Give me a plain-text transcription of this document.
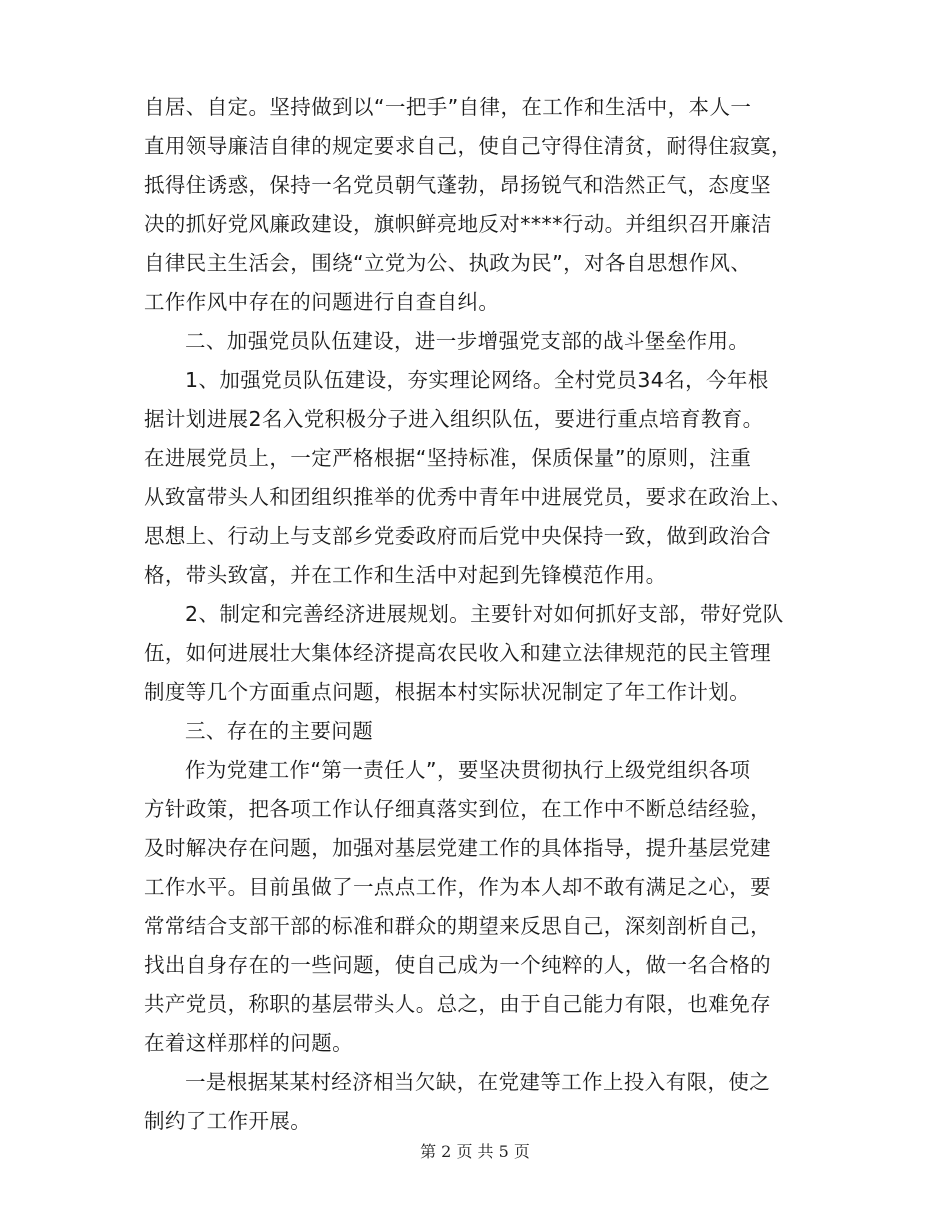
自居、自定。坚持做到以“一把手”自律，在工作和生活中，本人一
直用领导廉洁自律的规定要求自己，使自己守得住清贫，耐得住寂寞，
抵得住诱惑，保持一名党员朝气蓬勃，昂扬锐气和浩然正气，态度坚
决的抓好党风廉政建设，旗帜鲜亮地反对****行动。并组织召开廉洁
自律民主生活会，围绕“立党为公、执政为民”，对各自思想作风、
工作作风中存在的问题进行自查自纠。
二、加强党员队伍建设，进一步增强党支部的战斗堡垒作用。
1、加强党员队伍建设，夯实理论网络。全村党员34名，今年根
据计划进展2名入党积极分子进入组织队伍，要进行重点培育教育。
在进展党员上，一定严格根据“坚持标准，保质保量”的原则，注重
从致富带头人和团组织推举的优秀中青年中进展党员，要求在政治上、
思想上、行动上与支部乡党委政府而后党中央保持一致，做到政治合
格，带头致富，并在工作和生活中对起到先锋模范作用。
2、制定和完善经济进展规划。主要针对如何抓好支部，带好党队
伍，如何进展壮大集体经济提高农民收入和建立法律规范的民主管理
制度等几个方面重点问题，根据本村实际状况制定了年工作计划。
三、存在的主要问题
作为党建工作“第一责任人”，要坚决贯彻执行上级党组织各项
方针政策，把各项工作认仔细真落实到位，在工作中不断总结经验，
及时解决存在问题，加强对基层党建工作的具体指导，提升基层党建
工作水平。目前虽做了一点点工作，作为本人却不敢有满足之心，要
常常结合支部干部的标准和群众的期望来反思自己，深刻剖析自己，
找出自身存在的一些问题，使自己成为一个纯粹的人，做一名合格的
共产党员，称职的基层带头人。总之，由于自己能力有限，也难免存
在着这样那样的问题。
一是根据某某村经济相当欠缺，在党建等工作上投入有限，使之
制约了工作开展。
第 2 页 共 5 页
